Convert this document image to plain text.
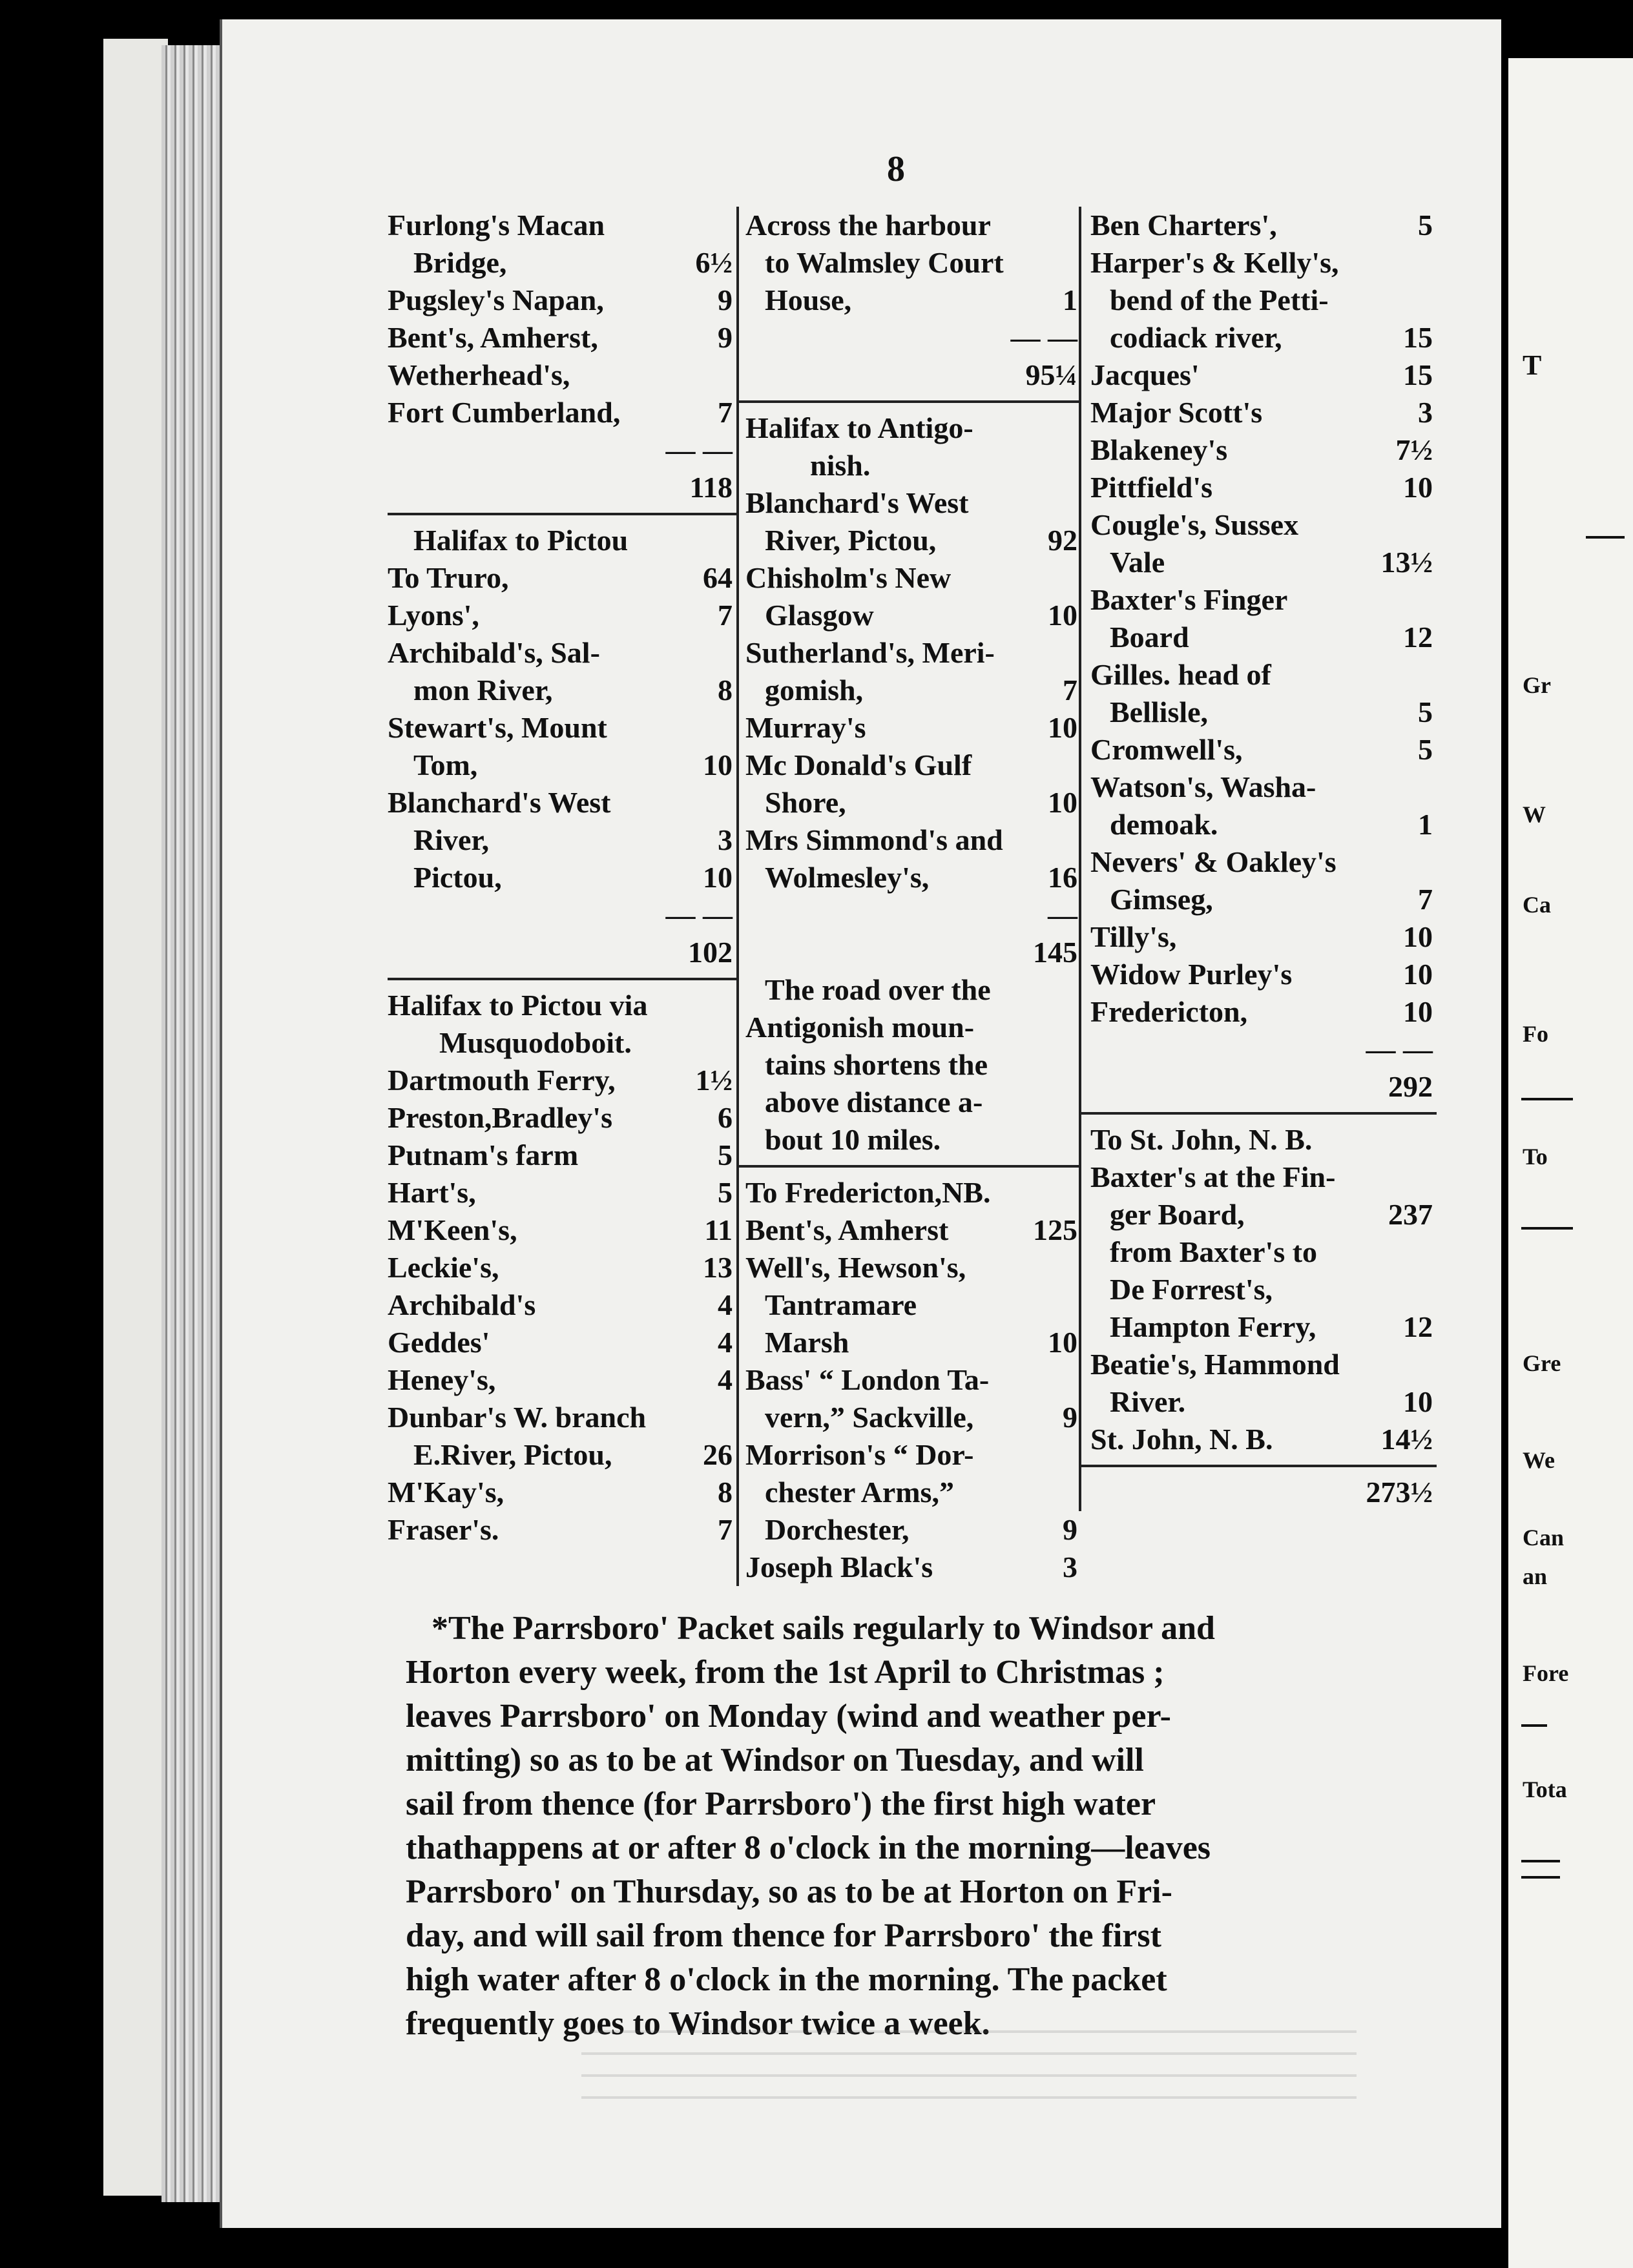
T
Gr
W
Ca
Fo
To
Gre
We
Can
an
Fore
Tota
8
Furlong's Macan
Bridge,	6½
Pugsley's Napan,	9
Bent's, Amherst,	9
Wetherhead's,
Fort Cumberland,	7
— —
118
Halifax to Pictou
To Truro,	64
Lyons',	7
Archibald's, Sal-
mon River,	8
Stewart's, Mount
Tom,	10
Blanchard's West
River,	3
Pictou,	10
— —
102
Halifax to Pictou via
Musquodoboit.
Dartmouth Ferry,	1½
Preston,Bradley's	6
Putnam's farm	5
Hart's,	5
M'Keen's,	11
Leckie's,	13
Archibald's	4
Geddes'	4
Heney's,	4
Dunbar's W. branch
E.River, Pictou,	26
M'Kay's,	8
Fraser's.	7
Across the harbour
to Walmsley Court
House,	1
— —
95¼
Halifax to Antigo-
nish.
Blanchard's West
River, Pictou,	92
Chisholm's New
Glasgow	10
Sutherland's, Meri-
gomish,	7
Murray's	10
Mc Donald's Gulf
Shore,	10
Mrs Simmond's and
Wolmesley's,	16
—
145
The road over the
Antigonish moun-
tains shortens the
above distance a-
bout 10 miles.
To Fredericton,NB.
Bent's, Amherst	125
Well's, Hewson's,
Tantramare
Marsh	10
Bass' “ London Ta-
vern,” Sackville,	9
Morrison's “ Dor-
chester Arms,”
Dorchester,	9
Joseph Black's	3
Ben Charters',	5
Harper's & Kelly's,
bend of the Petti-
codiack river,	15
Jacques'	15
Major Scott's	3
Blakeney's	7½
Pittfield's	10
Cougle's, Sussex
Vale	13½
Baxter's Finger
Board	12
Gilles. head of
Bellisle,	5
Cromwell's,	5
Watson's, Washa-
demoak.	1
Nevers' & Oakley's
Gimseg,	7
Tilly's,	10
Widow Purley's	10
Fredericton,	10
— —
292
To St. John, N. B.
Baxter's at the Fin-
ger Board,	237
from Baxter's to
De Forrest's,
Hampton Ferry,	12
Beatie's, Hammond
River.	10
St. John, N. B.	14½
273½

*The Parrsboro' Packet sails regularly to Windsor and

Horton every week, from the 1st April to Christmas ;

leaves Parrsboro' on Monday (wind and weather per-

mitting) so as to be at Windsor on Tuesday, and will

sail from thence (for Parrsboro') the first high water

thathappens at or after 8 o'clock in the morning—leaves

Parrsboro' on Thursday, so as to be at Horton on Fri-

day, and will sail from thence for Parrsboro' the first

high water after 8 o'clock in the morning. The packet

frequently goes to Windsor twice a week.
